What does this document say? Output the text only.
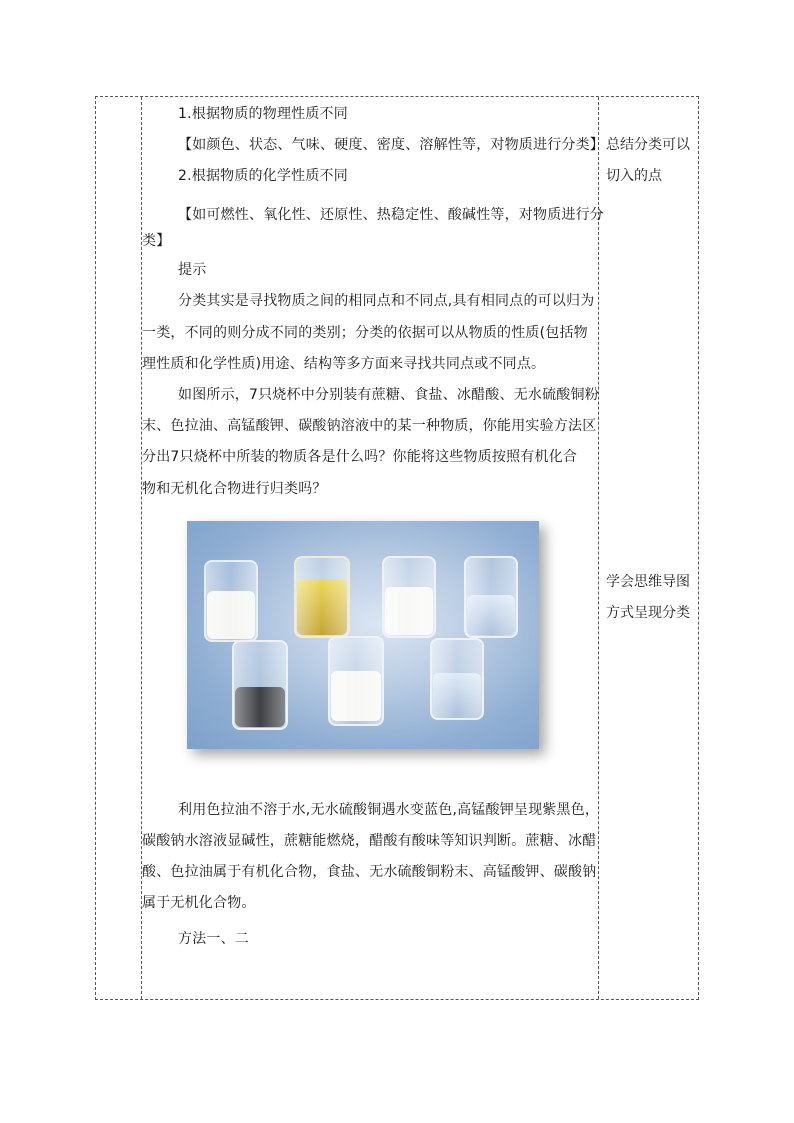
1.根据物质的物理性质不同
【如颜色、状态、气味、硬度、密度、溶解性等，对物质进行分类】
2.根据物质的化学性质不同
【如可燃性、氧化性、还原性、热稳定性、酸碱性等，对物质进行分
类】
提示
分类其实是寻找物质之间的相同点和不同点,具有相同点的可以归为
一类，不同的则分成不同的类别；分类的依据可以从物质的性质(包括物
理性质和化学性质)用途、结构等多方面来寻找共同点或不同点。
如图所示，7只烧杯中分别装有蔗糖、食盐、冰醋酸、无水硫酸铜粉
末、色拉油、高锰酸钾、碳酸钠溶液中的某一种物质，你能用实验方法区
分出7只烧杯中所装的物质各是什么吗？你能将这些物质按照有机化合
物和无机化合物进行归类吗？
利用色拉油不溶于水,无水硫酸铜遇水变蓝色,高锰酸钾呈现紫黑色，
碳酸钠水溶液显碱性，蔗糖能燃烧，醋酸有酸味等知识判断。蔗糖、冰醋
酸、色拉油属于有机化合物，食盐、无水硫酸铜粉末、高锰酸钾、碳酸钠
属于无机化合物。
方法一、二
总结分类可以
切入的点
学会思维导图
方式呈现分类
